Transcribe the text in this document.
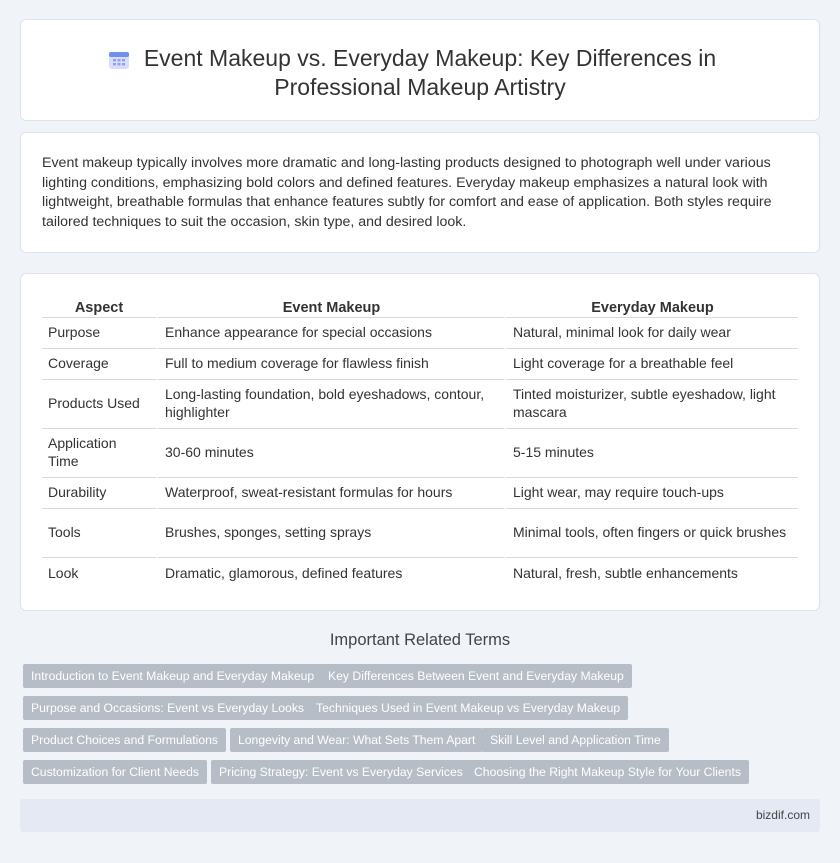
Event Makeup vs. Everyday Makeup: Key Differences in
Professional Makeup Artistry

Event makeup typically involves more dramatic and long-lasting products designed to photograph well under various lighting conditions, emphasizing bold colors and defined features. Everyday makeup emphasizes a natural look with lightweight, breathable formulas that enhance features subtly for comfort and ease of application. Both styles require tailored techniques to suit the occasion, skin type, and desired look.

Aspect	Event Makeup	Everyday Makeup
Purpose	Enhance appearance for special occasions	Natural, minimal look for daily wear
Coverage	Full to medium coverage for flawless finish	Light coverage for a breathable feel
Products Used	Long-lasting foundation, bold eyeshadows, contour, highlighter	Tinted moisturizer, subtle eyeshadow, light mascara
Application Time	30-60 minutes	5-15 minutes
Durability	Waterproof, sweat-resistant formulas for hours	Light wear, may require touch-ups
Tools	Brushes, sponges, setting sprays	Minimal tools, often fingers or quick brushes
Look	Dramatic, glamorous, defined features	Natural, fresh, subtle enhancements
Important Related Terms
Introduction to Event Makeup and Everyday Makeup	Key Differences Between Event and Everyday Makeup
Purpose and Occasions: Event vs Everyday Looks Techniques Used in Event Makeup vs Everyday Makeup
Product Choices and Formulations	Longevity and Wear: What Sets Them Apart	Skill Level and Application Time
Customization for Client Needs	Pricing Strategy: Event vs Everyday Services Choosing the Right Makeup Style for Your Clients
bizdif.com
